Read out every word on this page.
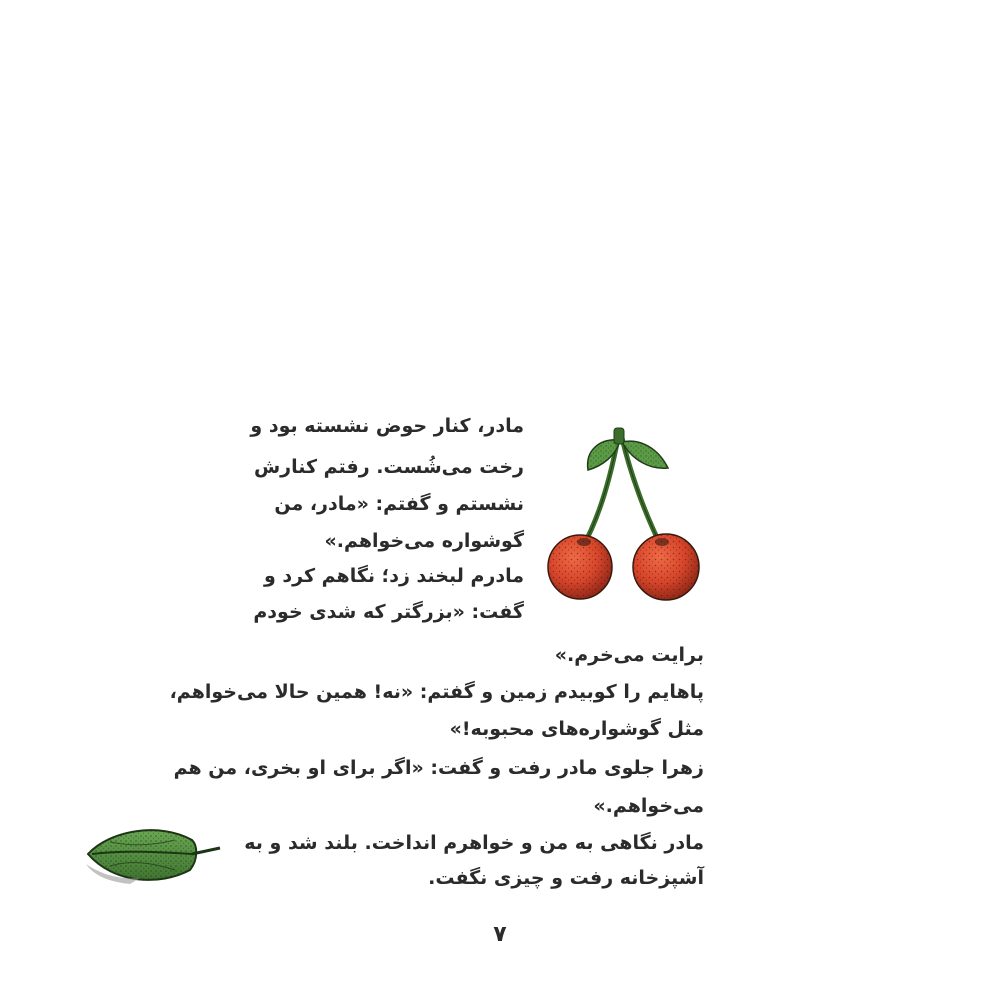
مادر، کنار حوض نشسته بود و
رخت می‌شُست. رفتم کنارش
نشستم و گفتم: «مادر، من
گوشواره می‌خواهم.»
مادرم لبخند زد؛ نگاهم کرد و
گفت: «بزرگتر که شدی خودم
برایت می‌خرم.»
پاهایم را کوبیدم زمین و گفتم: «نه! همین حالا می‌خواهم،
مثل گوشواره‌های محبوبه!»
زهرا جلوی مادر رفت و گفت: «اگر برای او بخری، من هم
می‌خواهم.»
مادر نگاهی به من و خواهرم انداخت. بلند شد و به
آشپزخانه رفت و چیزی نگفت.
۷
